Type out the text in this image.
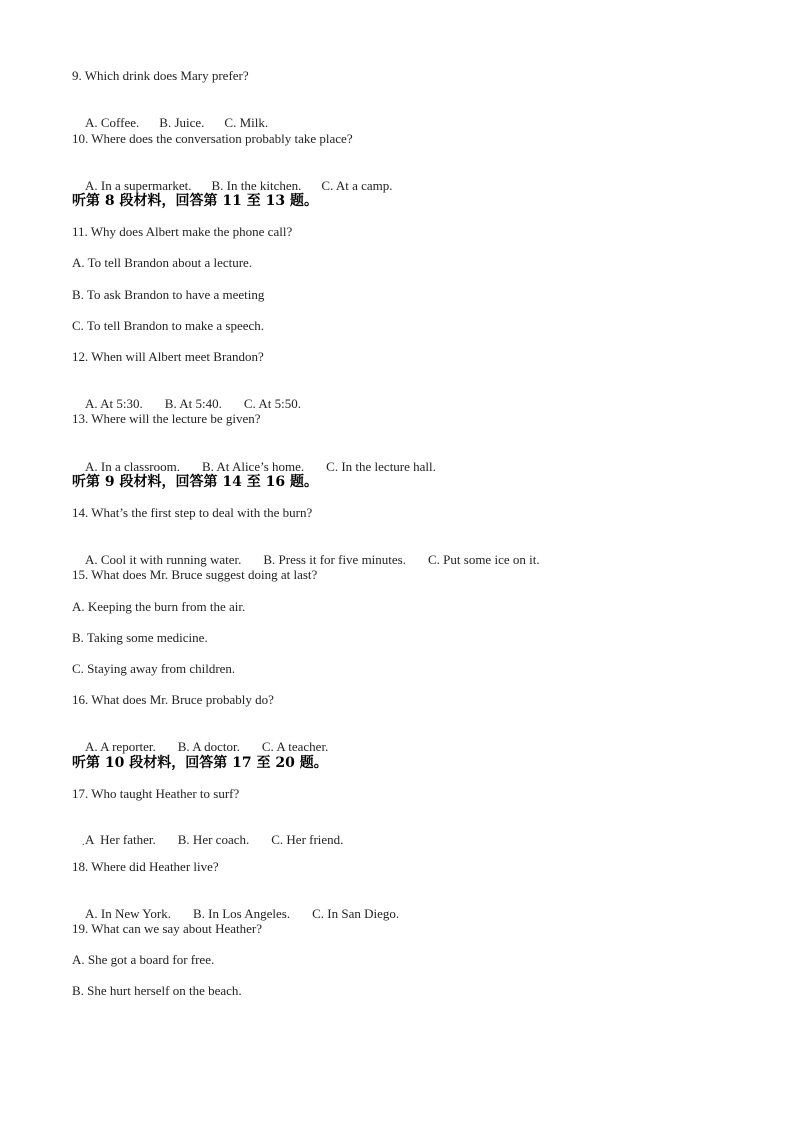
9. Which drink does Mary prefer?

A. Coffee. B. Juice. C. Milk.

10. Where does the conversation probably take place?

A. In a supermarket. B. In the kitchen. C. At a camp.

听第 8 段材料，回答第 11 至 13 题。
11. Why does Albert make the phone call?
A. To tell Brandon about a lecture.
B. To ask Brandon to have a meeting
C. To tell Brandon to make a speech.
12. When will Albert meet Brandon?

A. At 5:30. B. At 5:40. C. At 5:50.

13. Where will the lecture be given?

A. In a classroom. B. At Alice’s home. C. In the lecture hall.

听第 9 段材料，回答第 14 至 16 题。
14. What’s the first step to deal with the burn?

A. Cool it with running water. B. Press it for five minutes. C. Put some ice on it.

15. What does Mr. Bruce suggest doing at last?
A. Keeping the burn from the air.
B. Taking some medicine.
C. Staying away from children.
16. What does Mr. Bruce probably do?

A. A reporter. B. A doctor. C. A teacher.

听第 10 段材料，回答第 17 至 20 题。
17. Who taught Heather to surf?

A  Her father. B. Her coach. C. Her friend.

.
18. Where did Heather live?

A. In New York. B. In Los Angeles. C. In San Diego.

19. What can we say about Heather?
A. She got a board for free.
B. She hurt herself on the beach.
